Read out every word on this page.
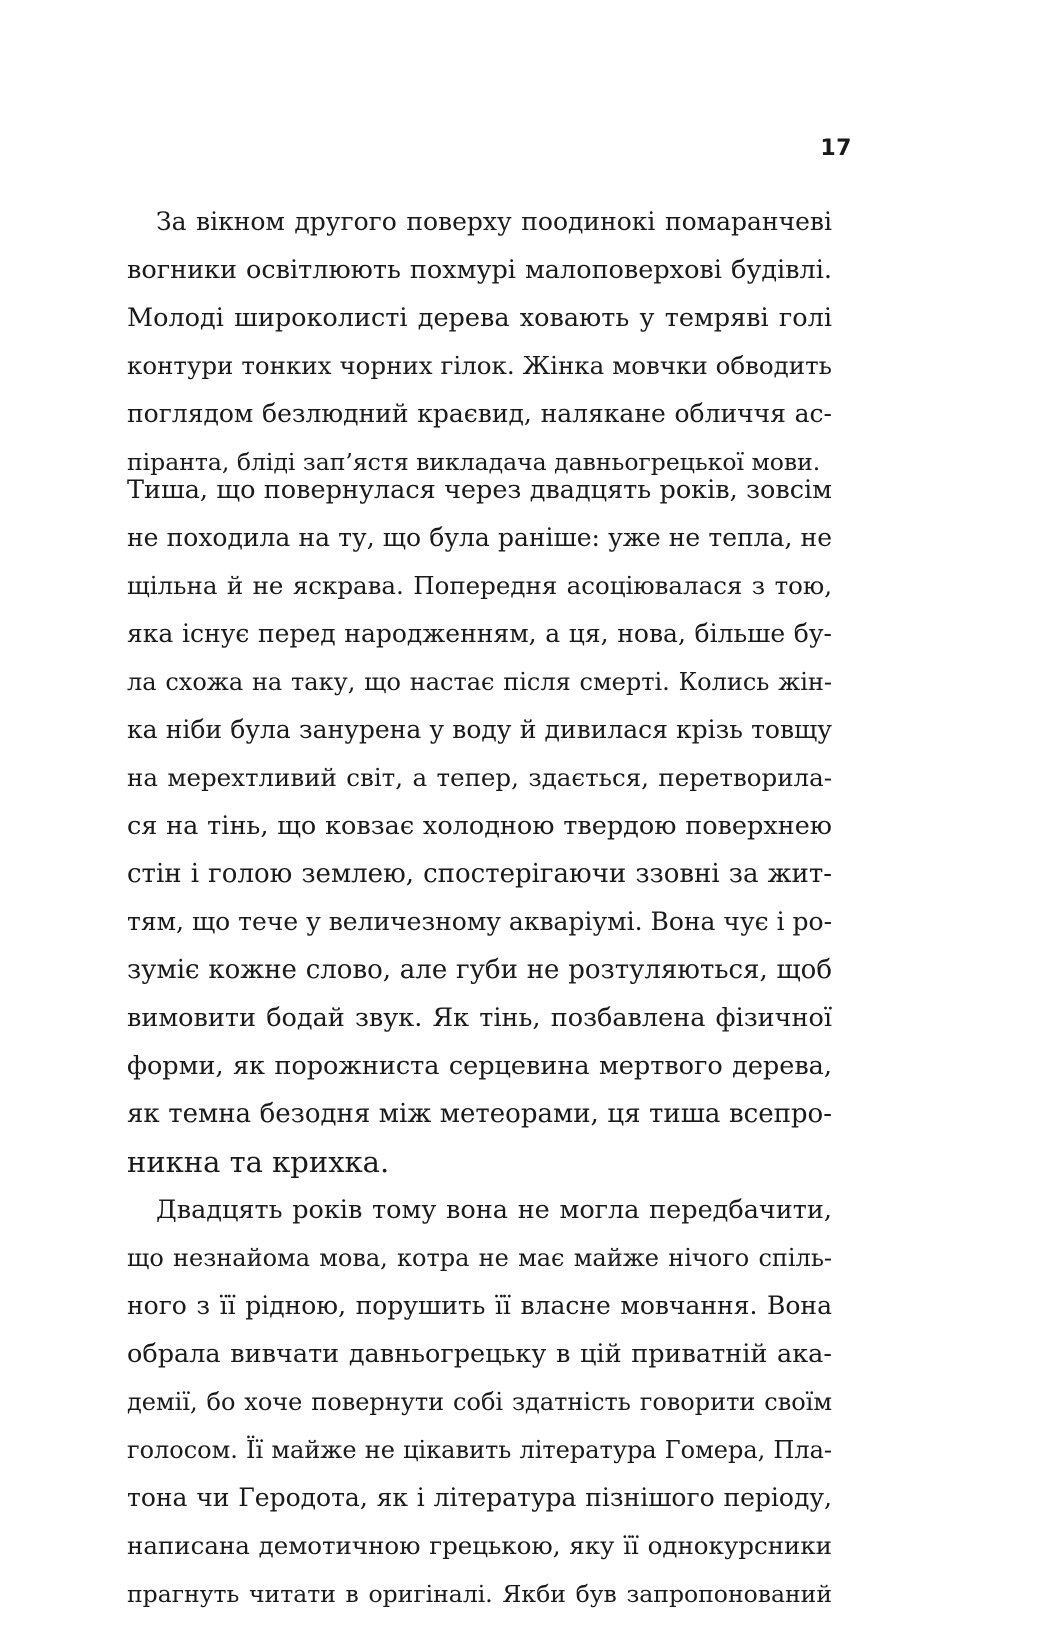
17
За вікном другого поверху поодинокі помаранчеві
вогники освітлюють похмурі малоповерхові будівлі.
Молоді широколисті дерева ховають у темряві голі
контури тонких чорних гілок. Жінка мовчки обводить
поглядом безлюдний краєвид, налякане обличчя ас-
піранта, бліді зап’ястя викладача давньогрецької мови.
Тиша, що повернулася через двадцять років, зовсім
не походила на ту, що була раніше: уже не тепла, не
щільна й не яскрава. Попередня асоціювалася з тою,
яка існує перед народженням, а ця, нова, більше бу-
ла схожа на таку, що настає після смерті. Колись жін-
ка ніби була занурена у воду й дивилася крізь товщу
на мерехтливий світ, а тепер, здається, перетворила-
ся на тінь, що ковзає холодною твердою поверхнею
стін і голою землею, спостерігаючи ззовні за жит-
тям, що тече у величезному акваріумі. Вона чує і ро-
зуміє кожне слово, але губи не розтуляються, щоб
вимовити бодай звук. Як тінь, позбавлена фізичної
форми, як порожниста серцевина мертвого дерева,
як темна безодня між метеорами, ця тиша всепро-
никна та крихка.
Двадцять років тому вона не могла передбачити,
що незнайома мова, котра не має майже нічого спіль-
ного з її рідною, порушить її власне мовчання. Вона
обрала вивчати давньогрецьку в цій приватній ака-
демії, бо хоче повернути собі здатність говорити своїм
голосом. Її майже не цікавить література Гомера, Пла-
тона чи Геродота, як і література пізнішого періоду,
написана демотичною грецькою, яку її однокурсники
прагнуть читати в оригіналі. Якби був запропонований
